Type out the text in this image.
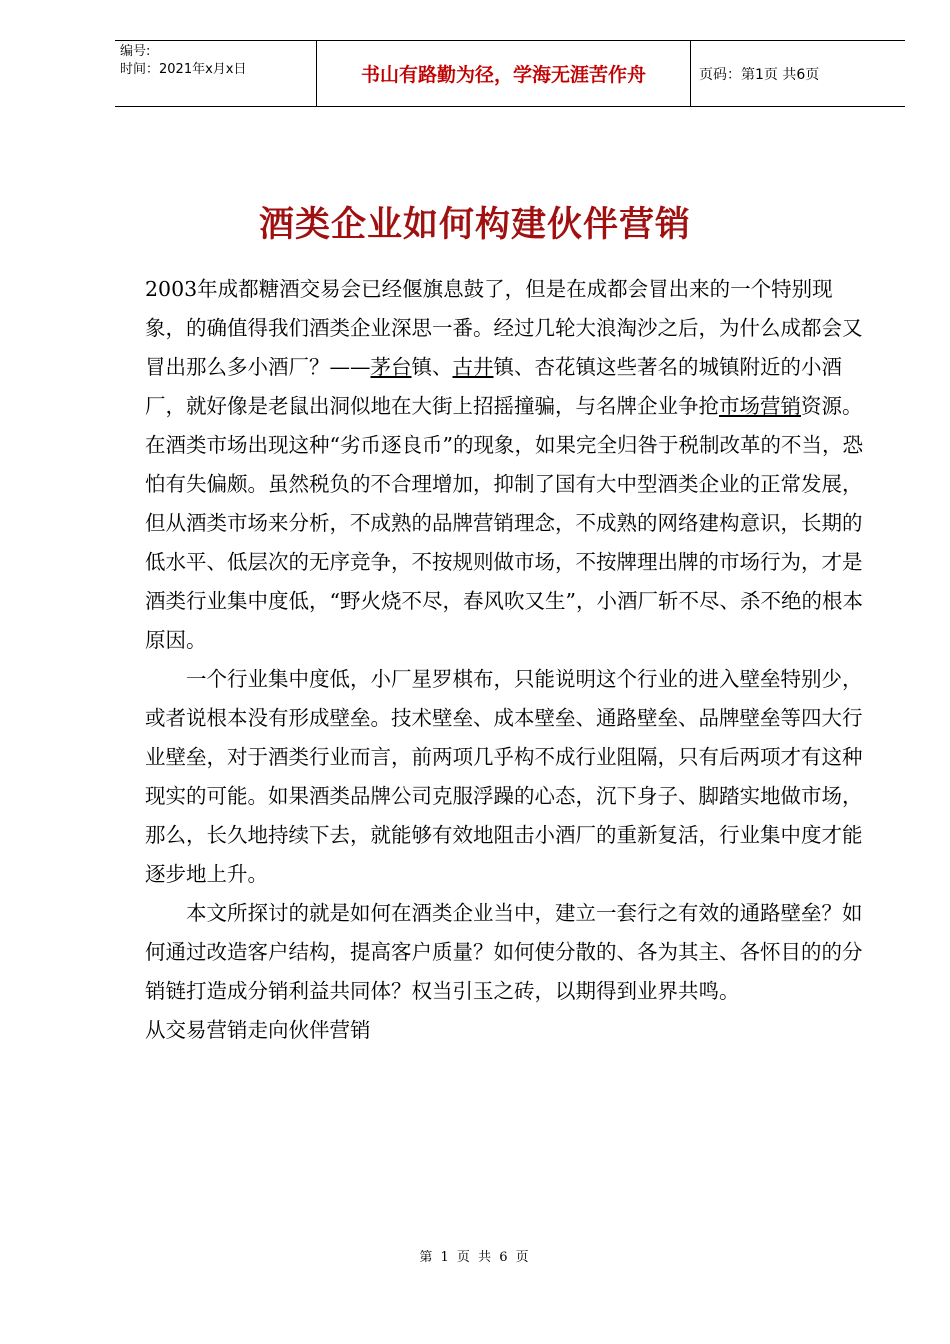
编号:
时间：2021年x月x日	书山有路勤为径，学海无涯苦作舟	页码：第1页 共6页
酒类企业如何构建伙伴营销

2003年成都糖酒交易会已经偃旗息鼓了，但是在成都会冒出来的一个特别现象，的确值得我们酒类企业深思一番。经过几轮大浪淘沙之后，为什么成都会又冒出那么多小酒厂？——茅台镇、古井镇、杏花镇这些著名的城镇附近的小酒厂，就好像是老鼠出洞似地在大街上招摇撞骗，与名牌企业争抢市场营销资源。

在酒类市场出现这种“劣币逐良币”的现象，如果完全归咎于税制改革的不当，恐怕有失偏颇。虽然税负的不合理增加，抑制了国有大中型酒类企业的正常发展，但从酒类市场来分析，不成熟的品牌营销理念，不成熟的网络建构意识，长期的低水平、低层次的无序竞争，不按规则做市场，不按牌理出牌的市场行为，才是酒类行业集中度低，“野火烧不尽，春风吹又生”，小酒厂斩不尽、杀不绝的根本原因。

一个行业集中度低，小厂星罗棋布，只能说明这个行业的进入壁垒特别少，或者说根本没有形成壁垒。技术壁垒、成本壁垒、通路壁垒、品牌壁垒等四大行业壁垒，对于酒类行业而言，前两项几乎构不成行业阻隔，只有后两项才有这种现实的可能。如果酒类品牌公司克服浮躁的心态，沉下身子、脚踏实地做市场，那么，长久地持续下去，就能够有效地阻击小酒厂的重新复活，行业集中度才能逐步地上升。

本文所探讨的就是如何在酒类企业当中，建立一套行之有效的通路壁垒？如何通过改造客户结构，提高客户质量？如何使分散的、各为其主、各怀目的的分销链打造成分销利益共同体？权当引玉之砖，以期得到业界共鸣。

从交易营销走向伙伴营销

第 1 页 共 6 页
